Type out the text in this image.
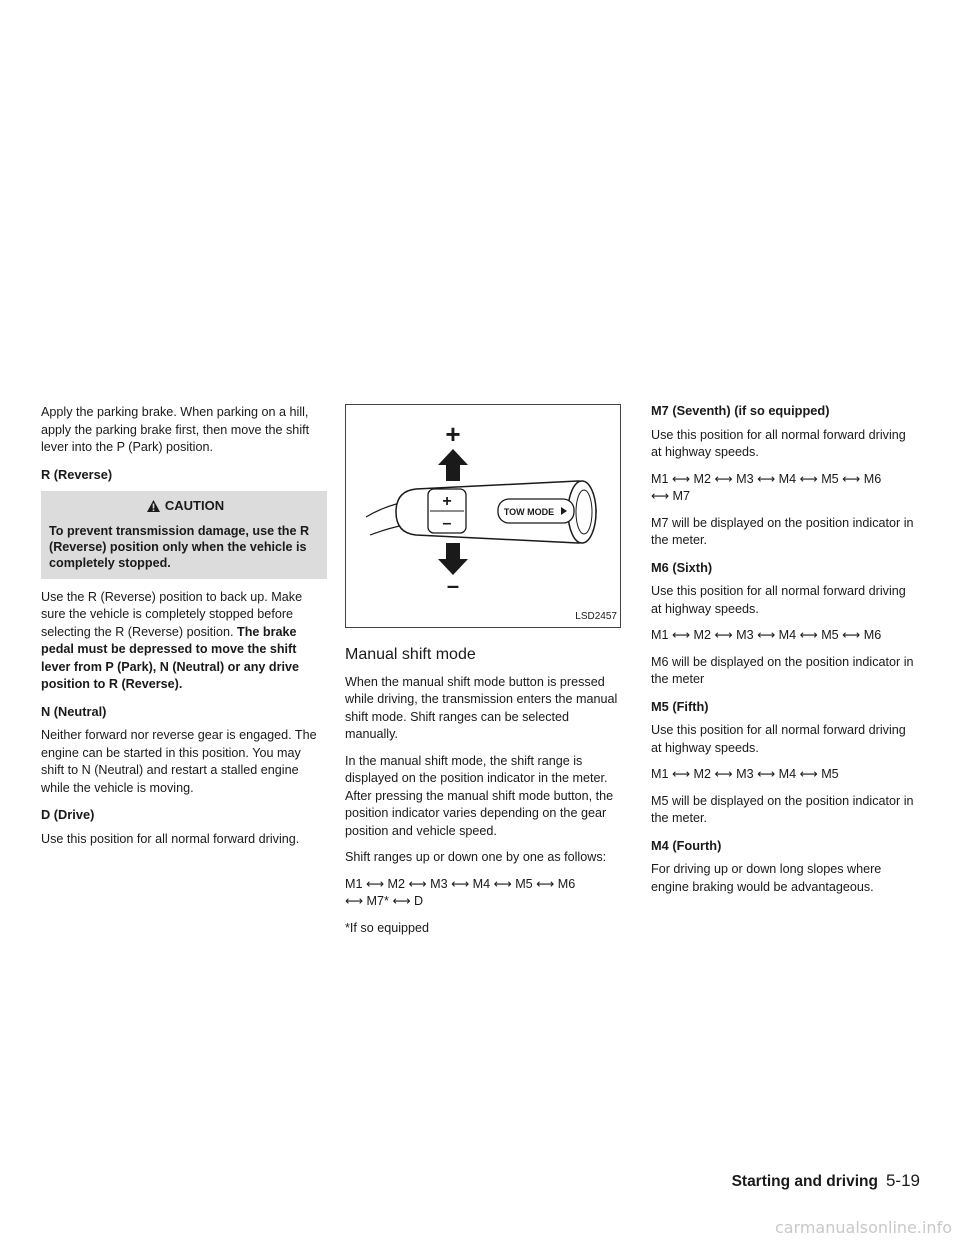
Apply the parking brake. When parking on a hill, apply the parking brake first, then move the shift lever into the P (Park) position.

R (Reverse)
CAUTION
To prevent transmission damage, use the R (Reverse) position only when the vehicle is completely stopped.

Use the R (Reverse) position to back up. Make sure the vehicle is completely stopped before selecting the R (Reverse) position. The brake pedal must be depressed to move the shift lever from P (Park), N (Neutral) or any drive position to R (Reverse).

N (Neutral)

Neither forward nor reverse gear is engaged. The engine can be started in this position. You may shift to N (Neutral) and restart a stalled engine while the vehicle is moving.

D (Drive)

Use this position for all normal forward driving.

+
–
+
–
TOW MODE
LSD2457
Manual shift mode

When the manual shift mode button is pressed while driving, the transmission enters the manual shift mode. Shift ranges can be selected manually.

In the manual shift mode, the shift range is displayed on the position indicator in the meter. After pressing the manual shift mode button, the position indicator varies depending on the gear position and vehicle speed.

Shift ranges up or down one by one as follows:

M1 ⟷ M2 ⟷ M3 ⟷ M4 ⟷ M5 ⟷ M6
⟷ M7* ⟷ D

*If so equipped

M7 (Seventh) (if so equipped)

Use this position for all normal forward driving at highway speeds.

M1 ⟷ M2 ⟷ M3 ⟷ M4 ⟷ M5 ⟷ M6
⟷ M7

M7 will be displayed on the position indicator in the meter.

M6 (Sixth)

Use this position for all normal forward driving at highway speeds.

M1 ⟷ M2 ⟷ M3 ⟷ M4 ⟷ M5 ⟷ M6

M6 will be displayed on the position indicator in the meter

M5 (Fifth)

Use this position for all normal forward driving at highway speeds.

M1 ⟷ M2 ⟷ M3 ⟷ M4 ⟷ M5

M5 will be displayed on the position indicator in the meter.

M4 (Fourth)

For driving up or down long slopes where engine braking would be advantageous.

Starting and driving 5-19
carmanualsonline.info
